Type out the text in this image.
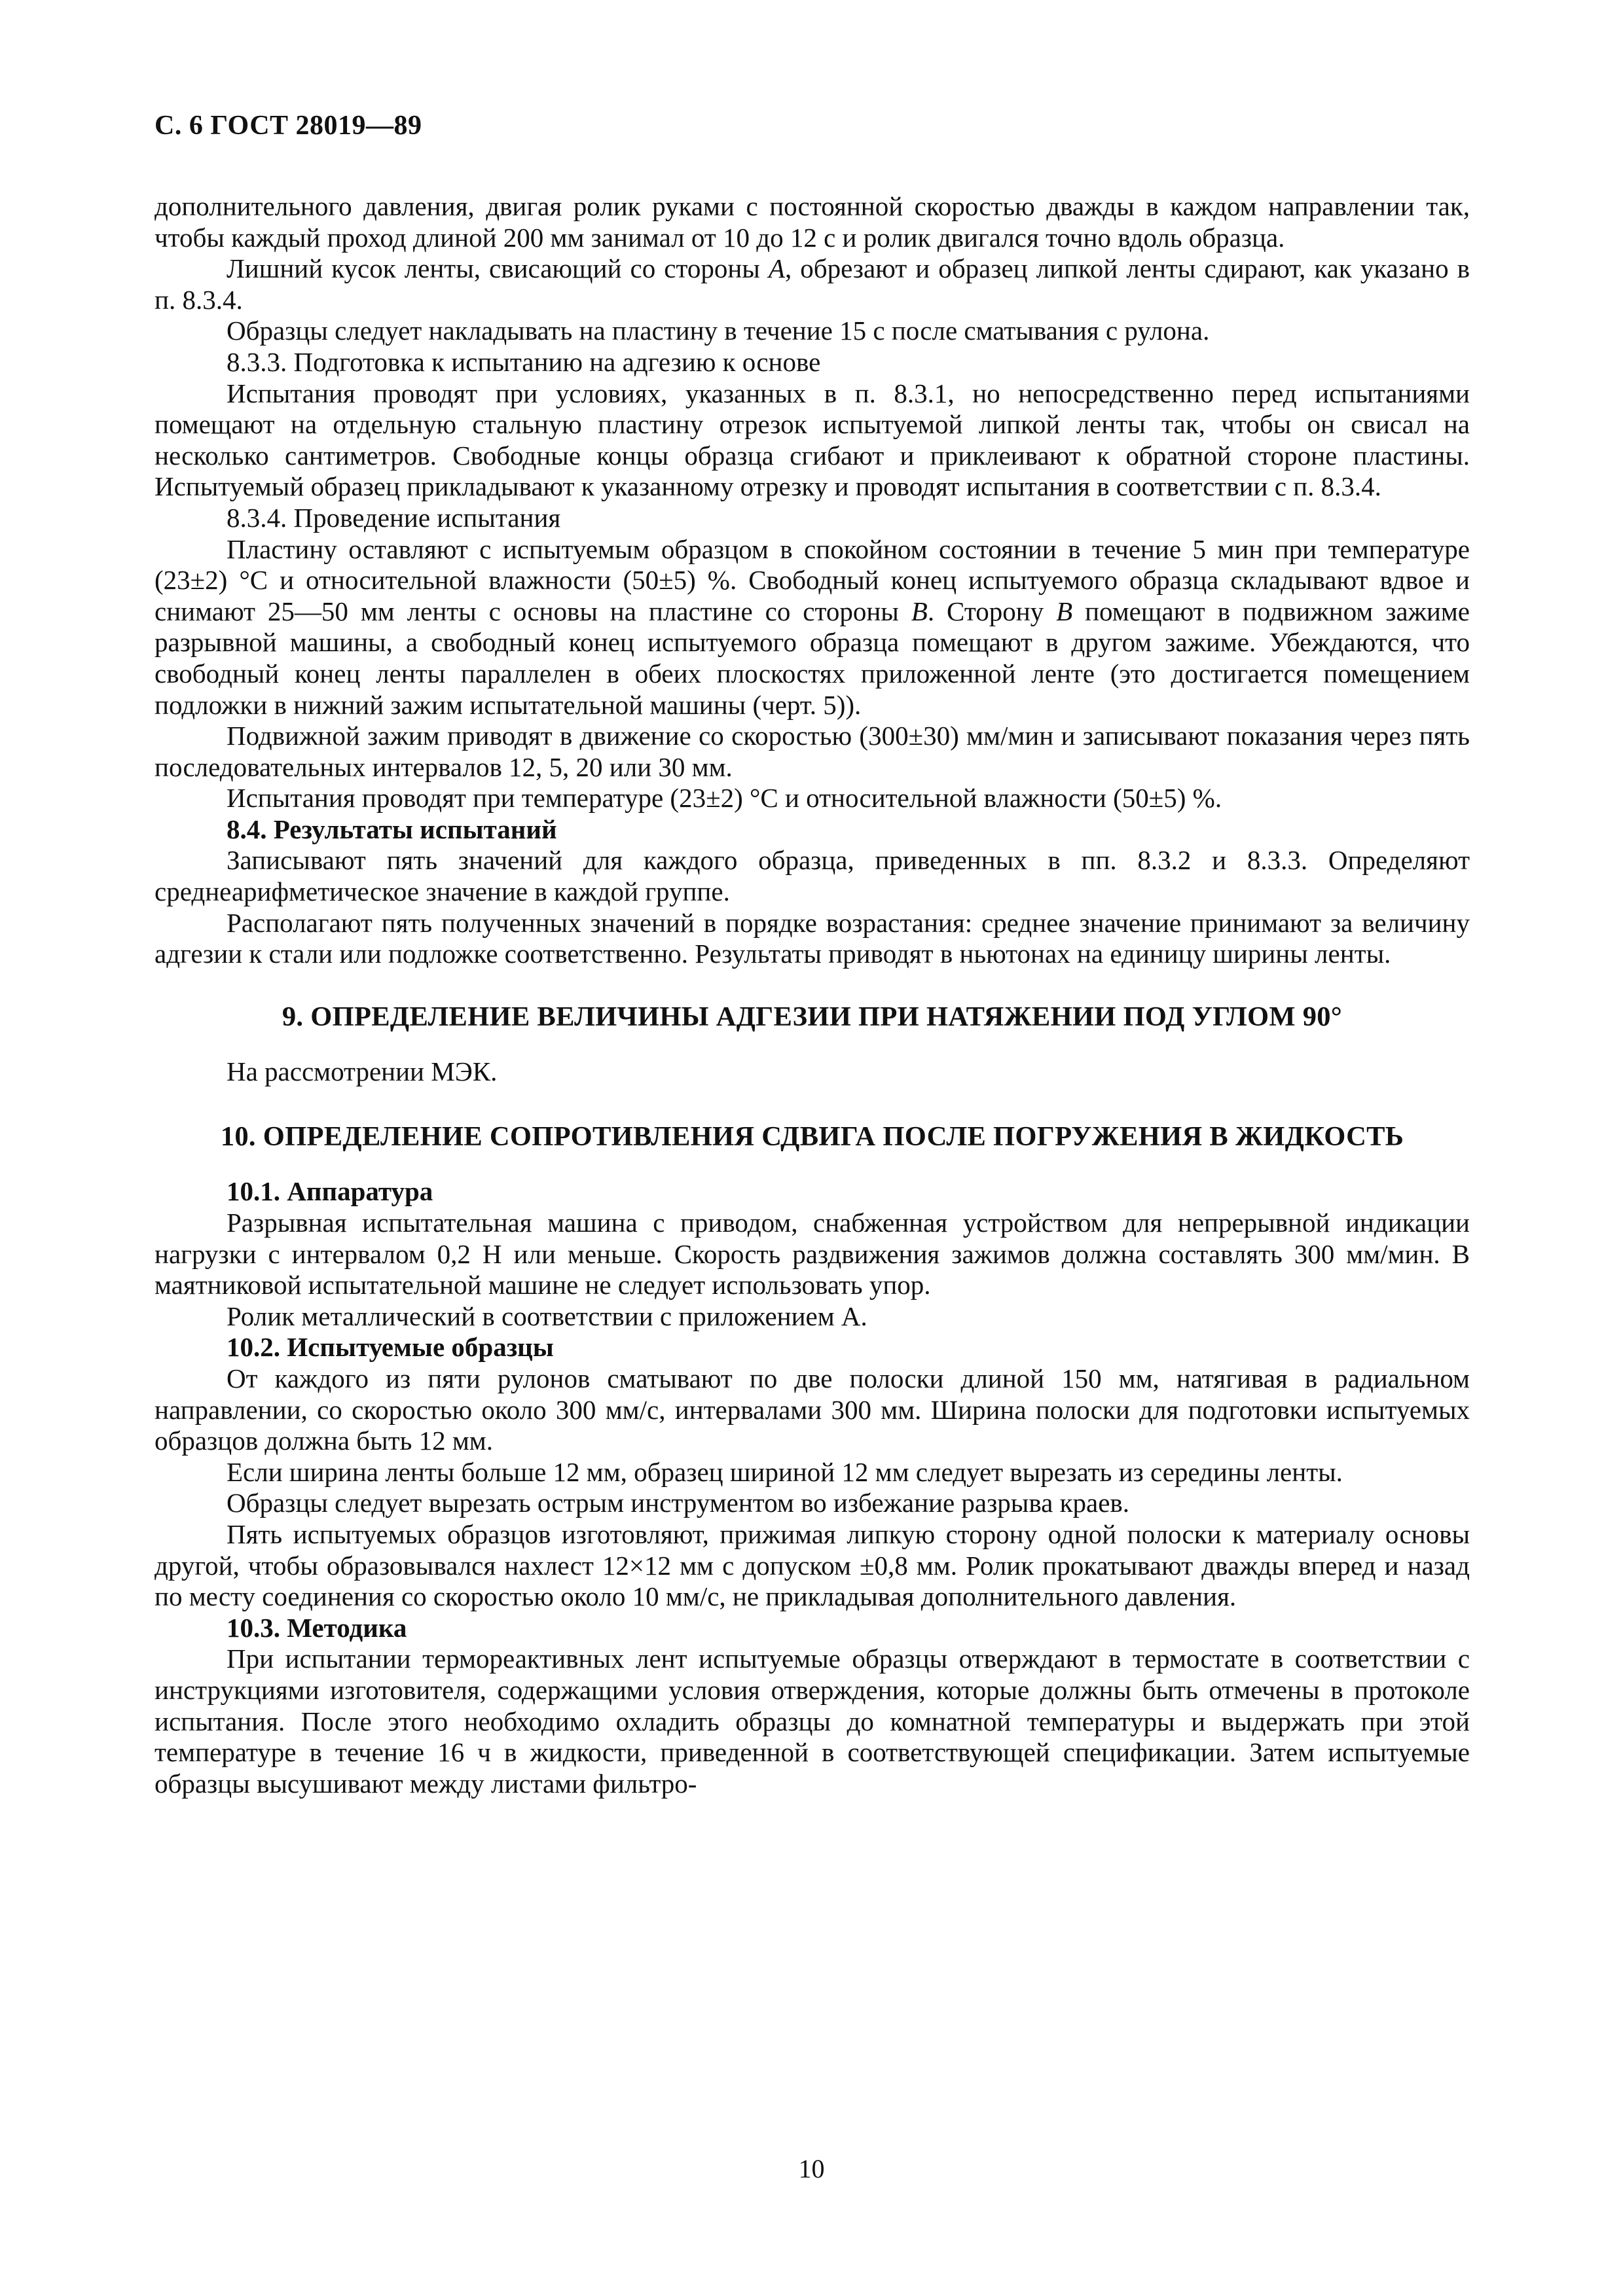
С. 6 ГОСТ 28019—89

дополнительного давления, двигая ролик руками с постоянной скоростью дважды в каждом направлении так, чтобы каждый проход длиной 200 мм занимал от 10 до 12 с и ролик двигался точно вдоль образца.

Лишний кусок ленты, свисающий со стороны А, обрезают и образец липкой ленты сдирают, как указано в п. 8.3.4.

Образцы следует накладывать на пластину в течение 15 с после сматывания с рулона.

8.3.3. Подготовка к испытанию на адгезию к основе

Испытания проводят при условиях, указанных в п. 8.3.1, но непосредственно перед испытаниями помещают на отдельную стальную пластину отрезок испытуемой липкой ленты так, чтобы он свисал на несколько сантиметров. Свободные концы образца сгибают и приклеивают к обратной стороне пластины. Испытуемый образец прикладывают к указанному отрезку и проводят испытания в соответствии с п. 8.3.4.

8.3.4. Проведение испытания

Пластину оставляют с испытуемым образцом в спокойном состоянии в течение 5 мин при температуре (23±2) °С и относительной влажности (50±5) %. Свободный конец испытуемого образца складывают вдвое и снимают 25—50 мм ленты с основы на пластине со стороны В. Сторону В помещают в подвижном зажиме разрывной машины, а свободный конец испытуемого образца помещают в другом зажиме. Убеждаются, что свободный конец ленты параллелен в обеих плоскостях приложенной ленте (это достигается помещением подложки в нижний зажим испытательной машины (черт. 5)).

Подвижной зажим приводят в движение со скоростью (300±30) мм/мин и записывают показания через пять последовательных интервалов 12, 5, 20 или 30 мм.

Испытания проводят при температуре (23±2) °С и относительной влажности (50±5) %.

8.4. Результаты испытаний

Записывают пять значений для каждого образца, приведенных в пп. 8.3.2 и 8.3.3. Определяют среднеарифметическое значение в каждой группе.

Располагают пять полученных значений в порядке возрастания: среднее значение принимают за величину адгезии к стали или подложке соответственно. Результаты приводят в ньютонах на единицу ширины ленты.

9. ОПРЕДЕЛЕНИЕ ВЕЛИЧИНЫ АДГЕЗИИ ПРИ НАТЯЖЕНИИ ПОД УГЛОМ 90°

На рассмотрении МЭК.

10. ОПРЕДЕЛЕНИЕ СОПРОТИВЛЕНИЯ СДВИГА ПОСЛЕ ПОГРУЖЕНИЯ В ЖИДКОСТЬ

10.1. Аппаратура

Разрывная испытательная машина с приводом, снабженная устройством для непрерывной индикации нагрузки с интервалом 0,2 Н или меньше. Скорость раздвижения зажимов должна составлять 300 мм/мин. В маятниковой испытательной машине не следует использовать упор.

Ролик металлический в соответствии с приложением А.

10.2. Испытуемые образцы

От каждого из пяти рулонов сматывают по две полоски длиной 150 мм, натягивая в радиальном направлении, со скоростью около 300 мм/с, интервалами 300 мм. Ширина полоски для подготовки испытуемых образцов должна быть 12 мм.

Если ширина ленты больше 12 мм, образец шириной 12 мм следует вырезать из середины ленты.

Образцы следует вырезать острым инструментом во избежание разрыва краев.

Пять испытуемых образцов изготовляют, прижимая липкую сторону одной полоски к материалу основы другой, чтобы образовывался нахлест 12×12 мм с допуском ±0,8 мм. Ролик прокатывают дважды вперед и назад по месту соединения со скоростью около 10 мм/с, не прикладывая дополнительного давления.

10.3. Методика

При испытании термореактивных лент испытуемые образцы отверждают в термостате в соответствии с инструкциями изготовителя, содержащими условия отверждения, которые должны быть отмечены в протоколе испытания. После этого необходимо охладить образцы до комнатной температуры и выдержать при этой температуре в течение 16 ч в жидкости, приведенной в соответствующей спецификации. Затем испытуемые образцы высушивают между листами фильтро-

10
